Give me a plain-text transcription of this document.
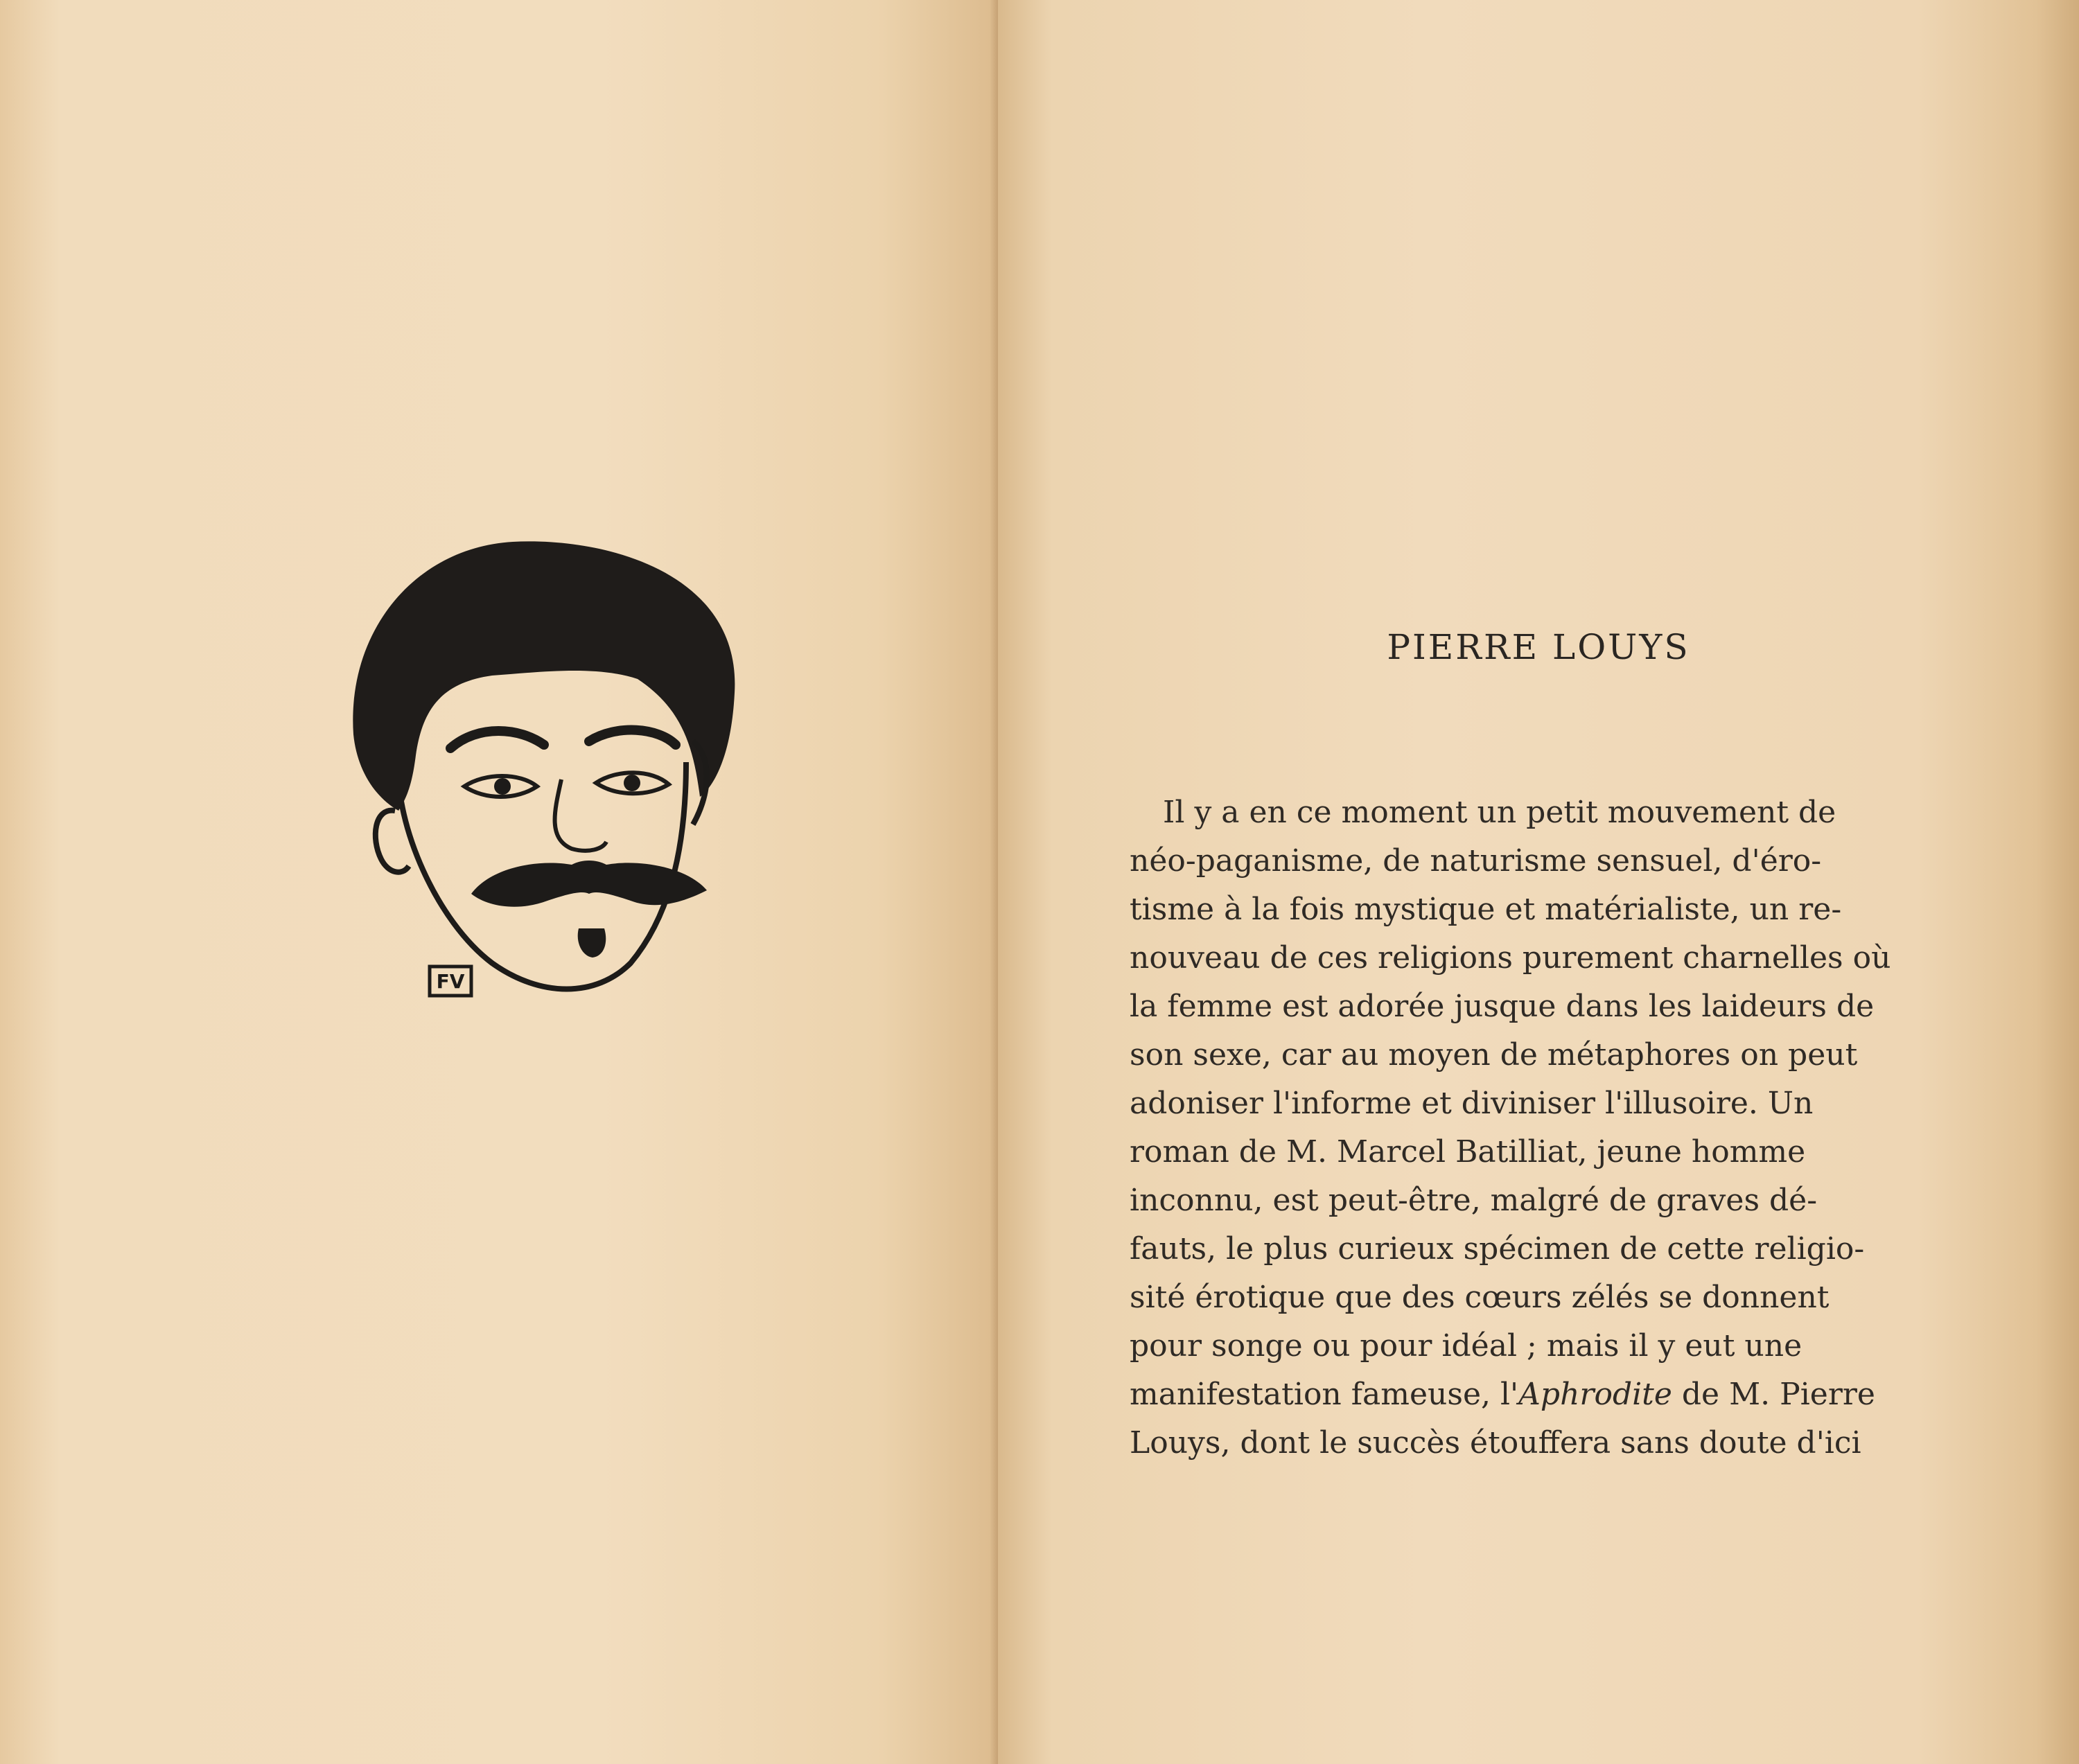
FV
PIERRE LOUYS
Il y a en ce moment un petit mouvement de
néo-paganisme, de naturisme sensuel, d'éro-
tisme à la fois mystique et matérialiste, un re-
nouveau de ces religions purement charnelles où
la femme est adorée jusque dans les laideurs de
son sexe, car au moyen de métaphores on peut
adoniser l'informe et diviniser l'illusoire. Un
roman de M. Marcel Batilliat, jeune homme
inconnu, est peut-être, malgré de graves dé-
fauts, le plus curieux spécimen de cette religio-
sité érotique que des cœurs zélés se donnent
pour songe ou pour idéal ; mais il y eut une
manifestation fameuse, l' Aphrodite de M. Pierre
Louys, dont le succès étouffera sans doute d'ici
